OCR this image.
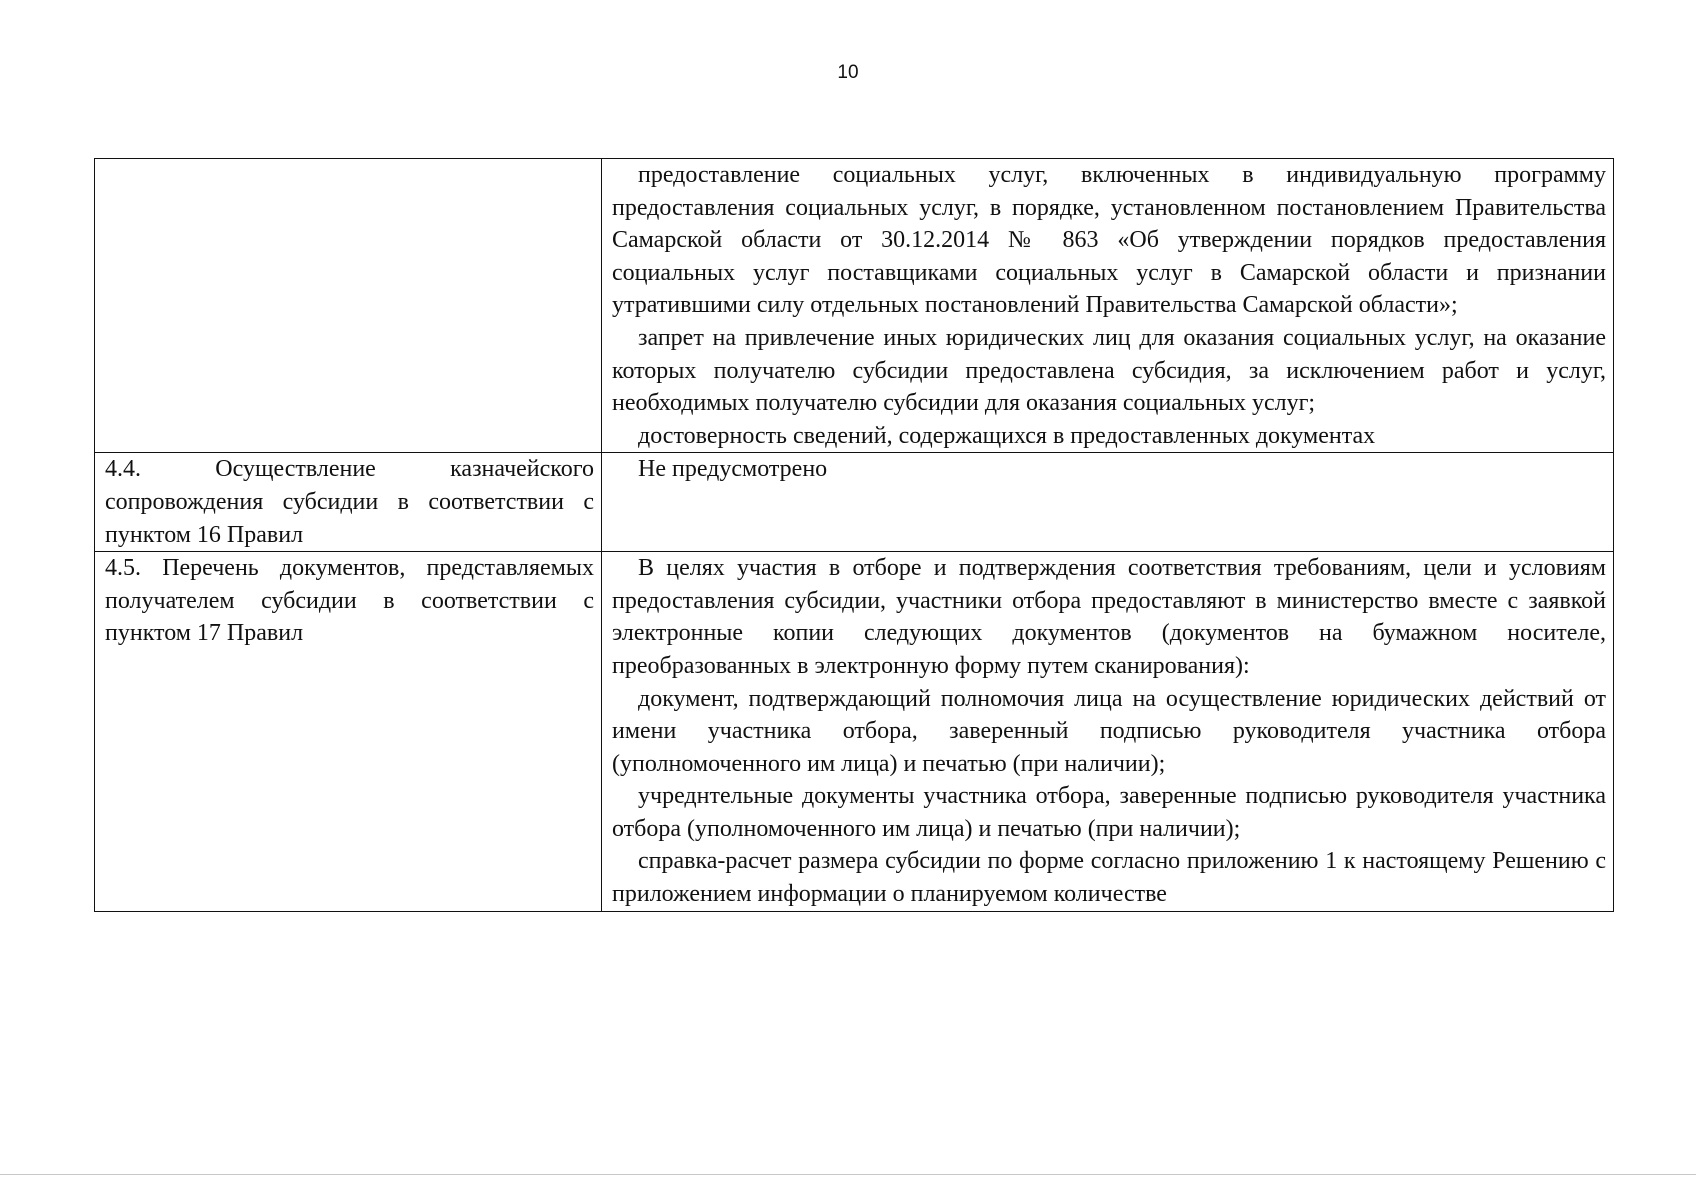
10

	предоставление социальных услуг, включенных в индивидуальную программу предоставления социальных услуг, в порядке, установленном постановлением Правительства Самарской области от 30.12.2014 № 863 «Об утверждении порядков предоставления социальных услуг поставщиками социальных услуг в Самарской области и признании утратившими силу отдельных постановлений Правительства Самарской области»;

запрет на привлечение иных юридических лиц для оказания социальных услуг, на оказание которых получателю субсидии предоставлена субсидия, за исключением работ и услуг, необходимых получателю субсидии для оказания социальных услуг;

достоверность сведений, содержащихся в предоставленных документах

4.4. Осуществление казначейского сопровождения субсидии в соответствии с пунктом 16 Правил	Не предусмотрено

4.5. Перечень документов, представляемых получателем субсидии в соответствии с пунктом 17 Правил	В целях участия в отборе и подтверждения соответствия требованиям, цели и условиям предоставления субсидии, участники отбора предоставляют в министерство вместе с заявкой электронные копии следующих документов (документов на бумажном носителе, преобразованных в электронную форму путем сканирования):

документ, подтверждающий полномочия лица на осуществление юридических действий от имени участника отбора, заверенный подписью руководителя участника отбора (уполномоченного им лица) и печатью (при наличии);

учреднтельные документы участника отбора, заверенные подписью руководителя участника отбора (уполномоченного им лица) и печатью (при наличии);

справка-расчет размера субсидии по форме согласно приложению 1 к настоящему Решению с приложением информации о планируемом количестве
